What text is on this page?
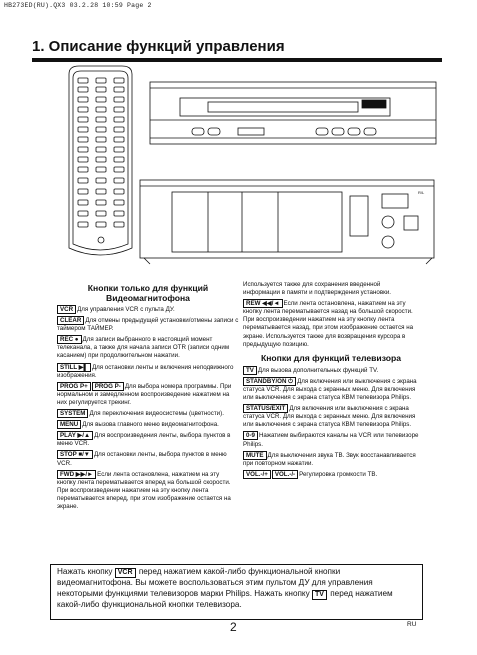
HB273ED(RU).QX3 03.2.28 10:59 Page 2
1. Описание функций управления
R/L
Кнопки только для функций
Видеомагнитофона
VCR Для управления VCR с пульта ДУ.
CLEAR Для отмены предыдущей установки/отмены записи с таймером ТАЙМЕР.
REC ● Для записи выбранного в настоящий момент телеканала, а также для начала записи OTR (записи одним касанием) при продолжительном нажатии.
STILL ▶▌ Для остановки ленты и включения неподвижного изображения.
PROG P+ PROG P- Для выбора номера программы. При нормальном и замедленном воспроизведение нажатием на них регулируется трекинг.
SYSTEM Для переключения видеосистемы (цветности).
MENU Для вызова главного меню видеомагнитофона.
PLAY ▶/▲ Для воспроизведения ленты, выбора пунктов в меню VCR.
STOP ■/▼ Для остановки ленты, выбора пунктов в меню VCR.
FWD ▶▶/► Если лента остановлена, нажатием на эту кнопку лента перематывается вперед на большой скорости. При воспроизведении нажатием на эту кнопку лента перематывается вперед, при этом изображение остается на экране.
Используется также для сохранения введенной информации в памяти и подтверждения установки.
REW ◀◀/◄ Если лента остановлена, нажатием на эту кнопку лента перематывается назад на большой скорости. При воспроизведении нажатием на эту кнопку лента перематывается назад, при этом изображение остается на экране. Используется также для возвращения курсора в предыдущую позицию.
Кнопки для функций телевизора
TV Для вызова дополнительных функций TV.
STANDBY/ON ⏻ Для включения или выключения с экрана статуса VCR. Для выхода с экранных меню. Для включения или выключения с экрана статуса КВМ телевизора Philips.
STATUS/EXIT Для включения или выключения с экрана статуса VCR. Для выхода с экранных меню. Для включения или выключения с экрана статуса КВМ телевизора Philips.
0-9 Нажатием выбираются каналы на VCR или телевизоре Philips.
MUTE Для выключения звука TB. Звук восстанавливается при повторном нажатии.
VOL.-/+ VOL.-/- Регулировка громкости TB.
Нажать кнопку VCR перед нажатием какой-либо функциональной кнопки видеомагнитофона. Вы можете воспользоваться этим пультом ДУ для управления некоторыми функциями телевизоров марки Philips. Нажать кнопку TV перед нажатием какой-либо функциональной кнопки телевизора.
2	RU
